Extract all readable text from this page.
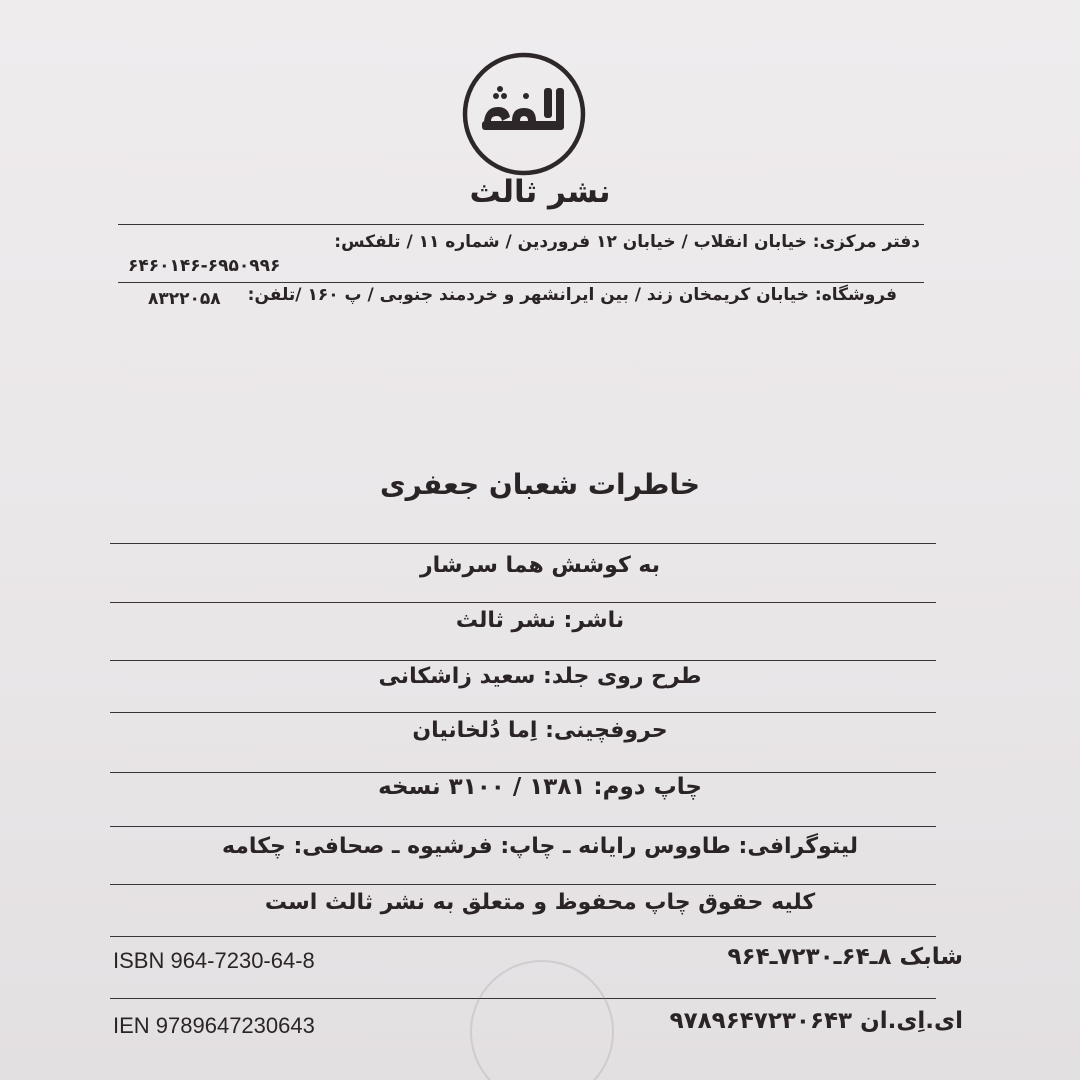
نشر ثالث
دفتر مرکزی: خیابان انقلاب / خیابان ۱۲ فروردین / شماره ۱۱ / تلفکس:
۶۴۶۰۱۴۶-۶۹۵۰۹۹۶
فروشگاه: خیابان کریمخان زند / بین ایرانشهر و خردمند جنوبی / پ ۱۶۰ /تلفن:
۸۳۲۲۰۵۸
خاطرات شعبان جعفری
به کوشش هما سرشار
ناشر: نشر ثالث
طرح روی جلد: سعید زاشکانی
حروفچینی: اِما دُلخانیان
چاپ دوم: ۱۳۸۱ / ۳۱۰۰ نسخه
لیتوگرافی: طاووس رایانه ـ چاپ: فرشیوه ـ صحافی: چکامه
کلیه حقوق چاپ محفوظ و متعلق به نشر ثالث است
ISBN 964-7230-64-8	شابک ۸ـ۶۴ـ۷۲۳۰ـ۹۶۴
IEN 9789647230643	ای.اِی.ان ۹۷۸۹۶۴۷۲۳۰۶۴۳
